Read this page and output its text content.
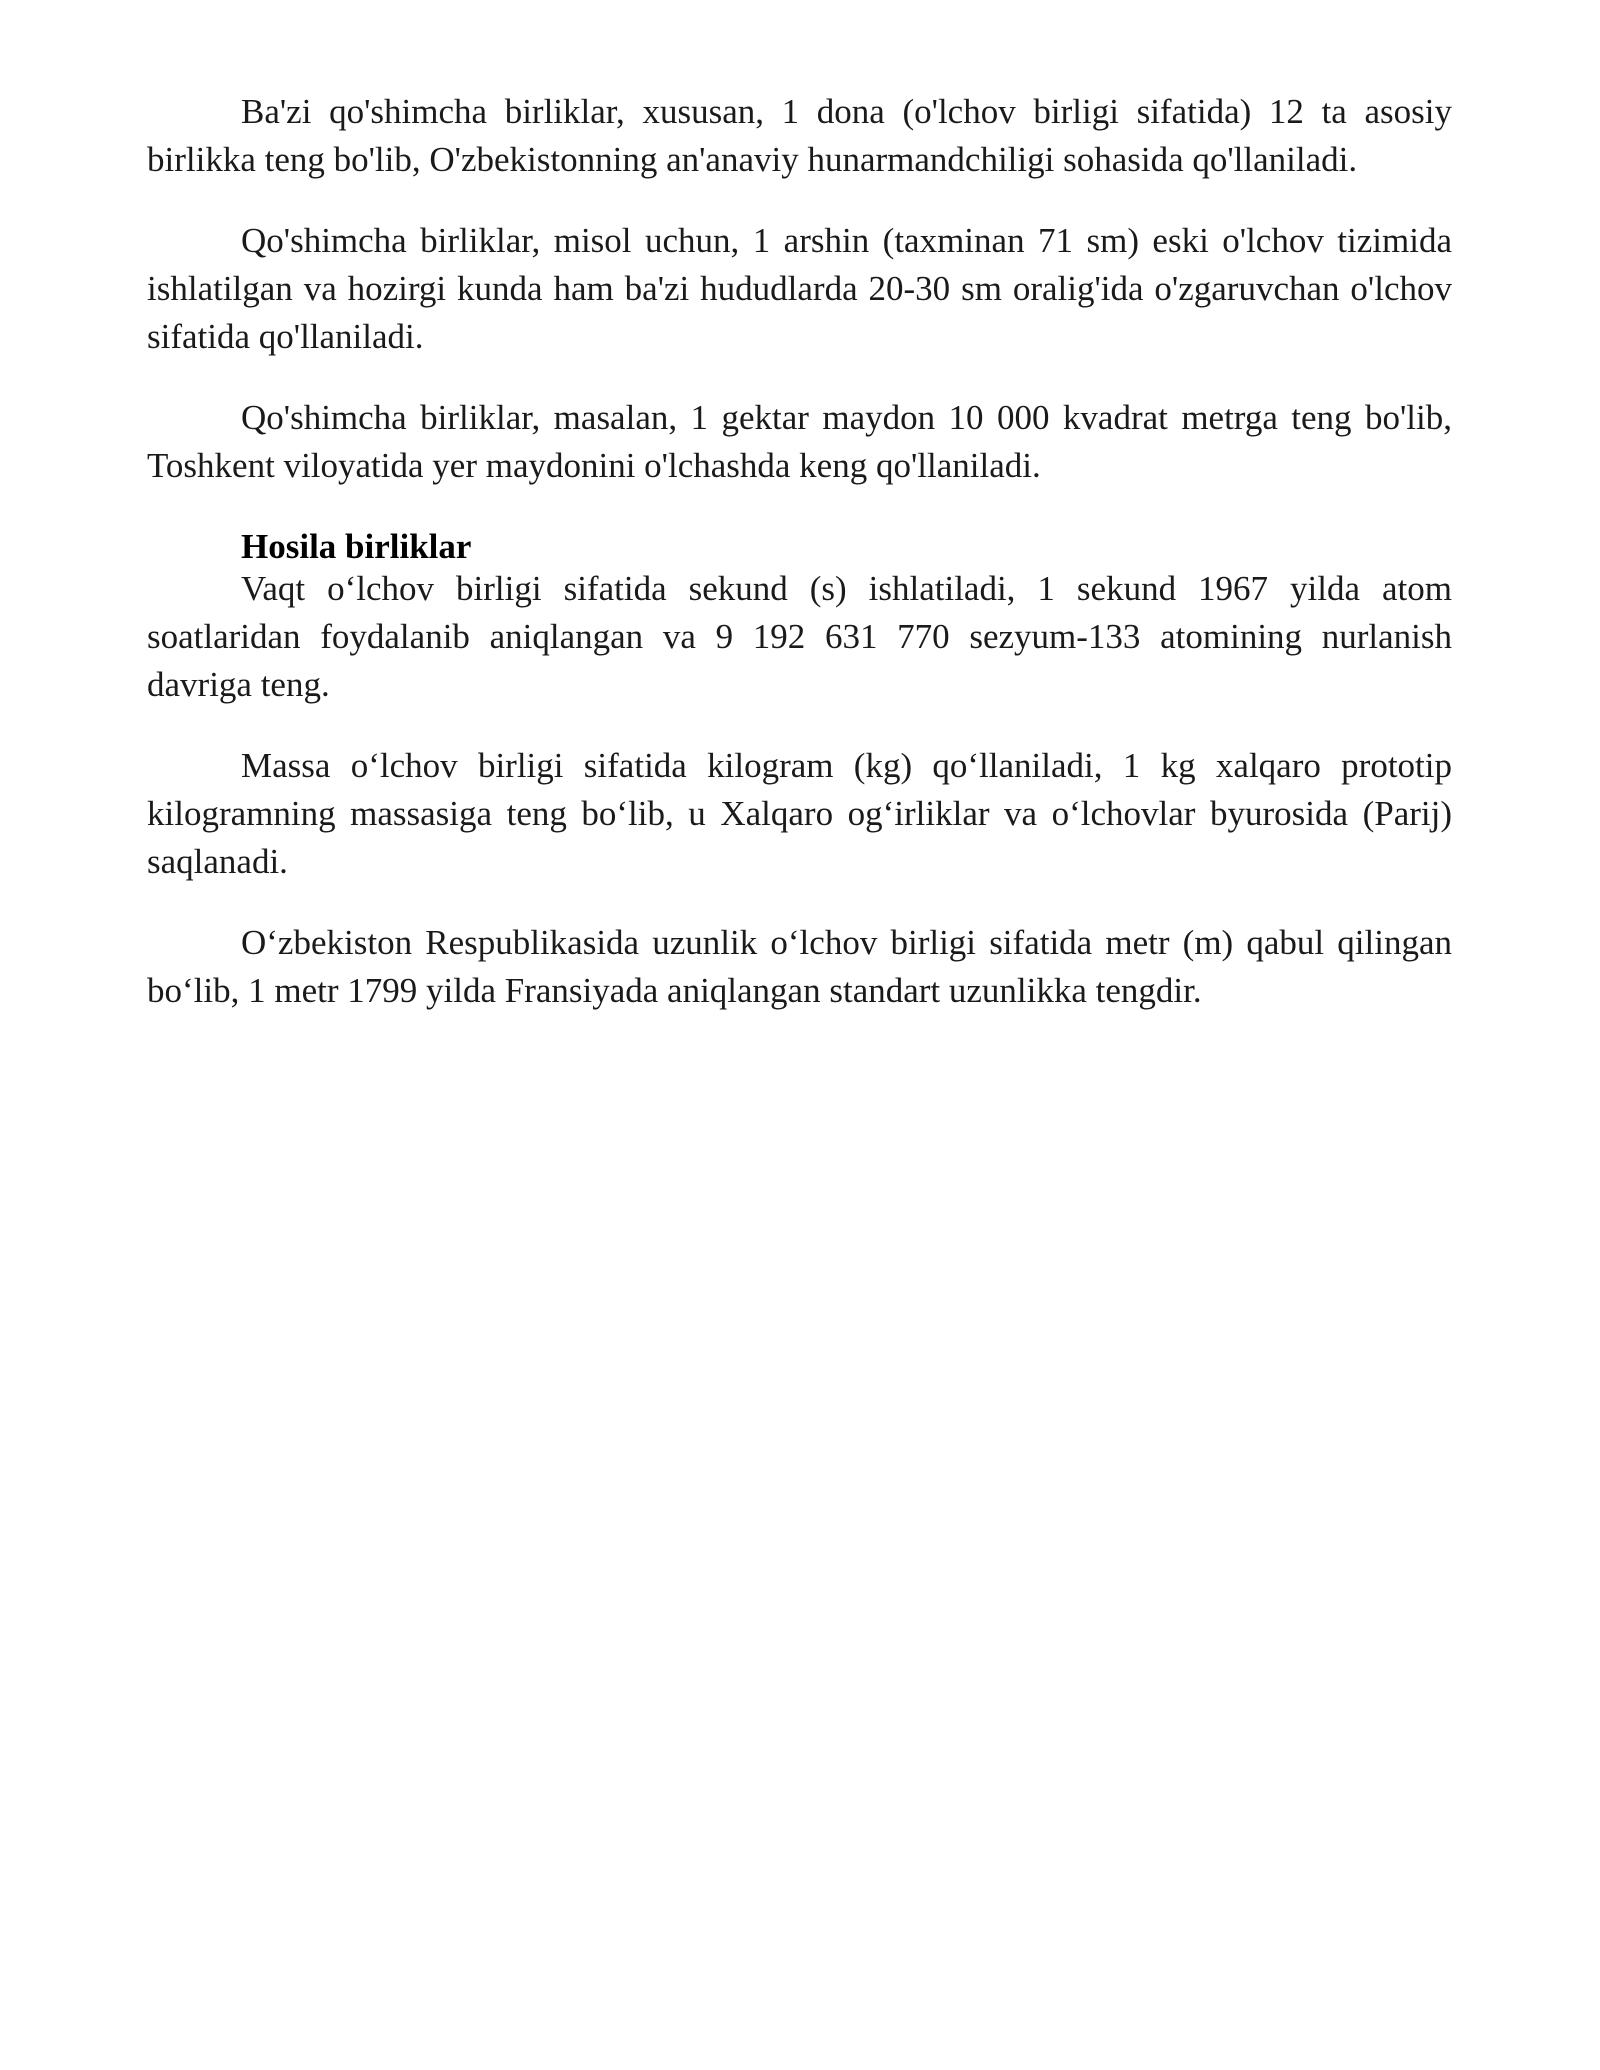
Ba'zi qo'shimcha birliklar, xususan, 1 dona (o'lchov birligi sifatida) 12 ta asosiy birlikka teng bo'lib, O'zbekistonning an'anaviy hunarmandchiligi sohasida qo'llaniladi.

Qo'shimcha birliklar, misol uchun, 1 arshin (taxminan 71 sm) eski o'lchov tizimida ishlatilgan va hozirgi kunda ham ba'zi hududlarda 20-30 sm oralig'ida o'zgaruvchan o'lchov sifatida qo'llaniladi.

Qo'shimcha birliklar, masalan, 1 gektar maydon 10 000 kvadrat metrga teng bo'lib, Toshkent viloyatida yer maydonini o'lchashda keng qo'llaniladi.

Hosila birliklar

Vaqt o‘lchov birligi sifatida sekund (s) ishlatiladi, 1 sekund 1967 yilda atom soatlaridan foydalanib aniqlangan va 9 192 631 770 sezyum-133 atomining nurlanish davriga teng.

Massa o‘lchov birligi sifatida kilogram (kg) qo‘llaniladi, 1 kg xalqaro prototip kilogramning massasiga teng bo‘lib, u Xalqaro og‘irliklar va o‘lchovlar byurosida (Parij) saqlanadi.

O‘zbekiston Respublikasida uzunlik o‘lchov birligi sifatida metr (m) qabul qilingan bo‘lib, 1 metr 1799 yilda Fransiyada aniqlangan standart uzunlikka tengdir.
